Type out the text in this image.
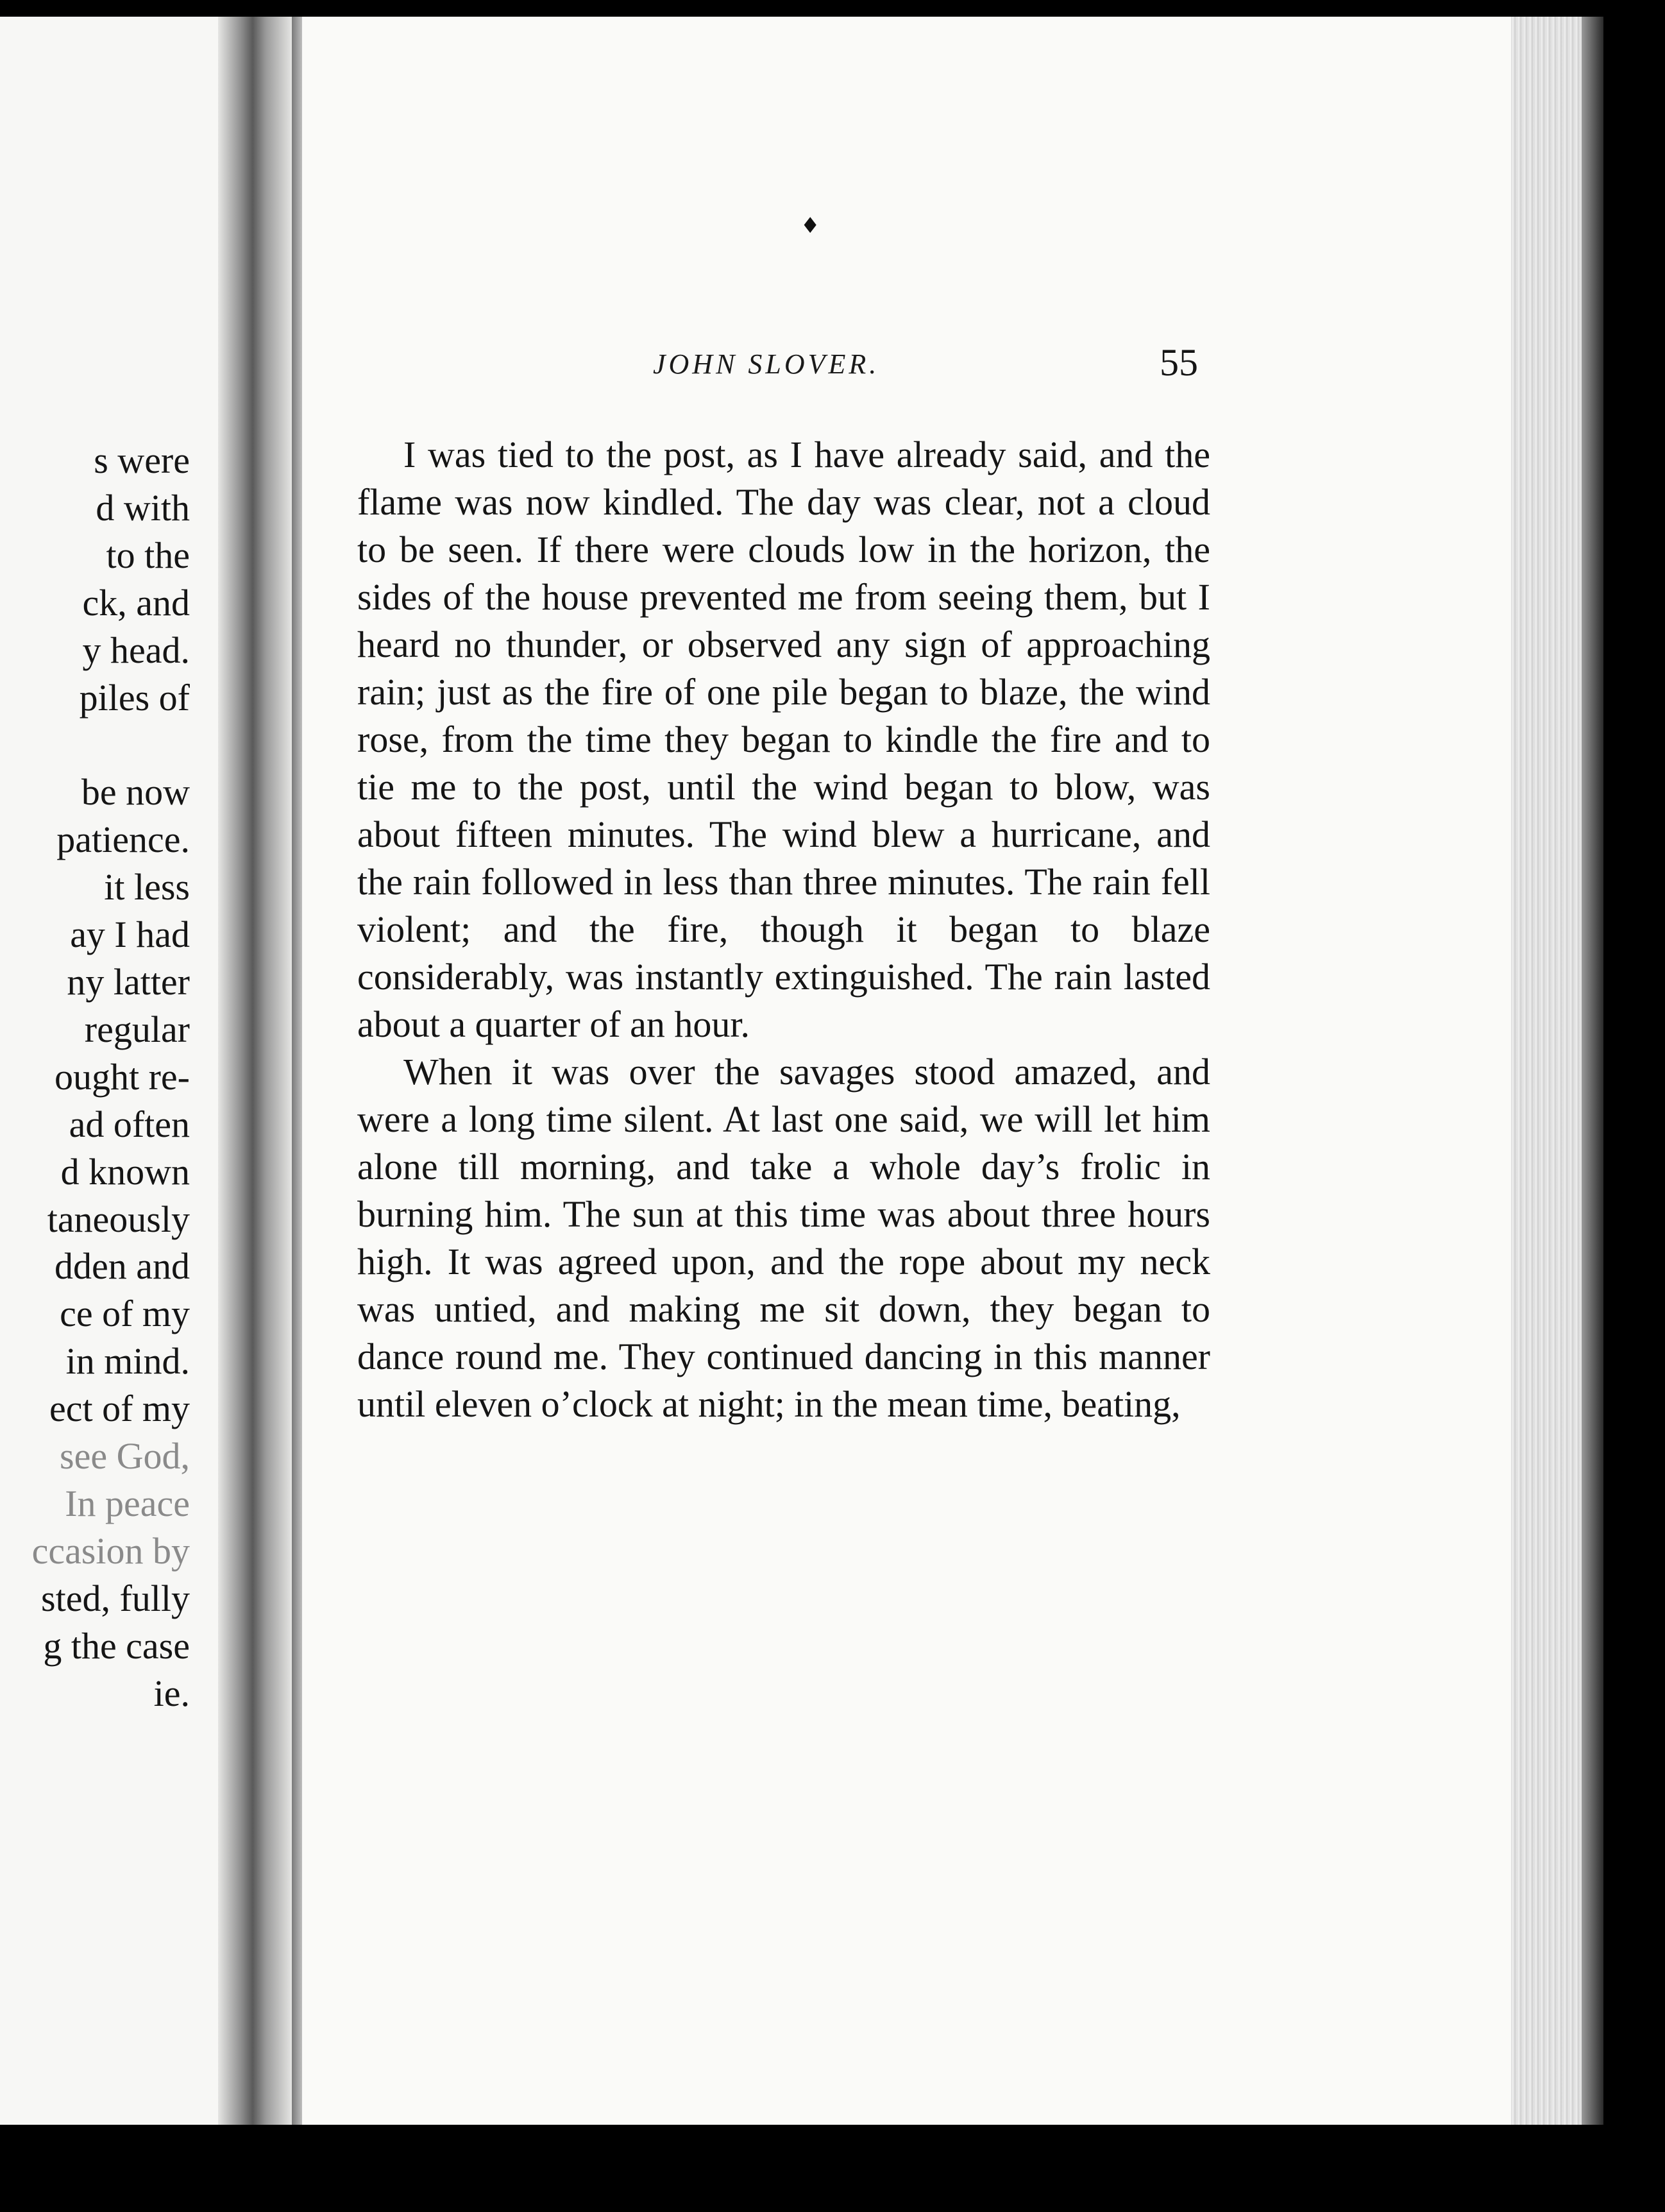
s were
d with
to the
ck, and
y head.
piles of

be now
patience.
it less
ay I had
ny latter
regular
ought re-
ad often
d known
taneously
dden and
ce of my
in mind.
ect of my
see God,
In peace
ccasion by
sted, fully
g the case
ie.
♦
JOHN SLOVER.	55

I was tied to the post, as I have already said, and the flame was now kindled. The day was clear, not a cloud to be seen. If there were clouds low in the horizon, the sides of the house prevented me from seeing them, but I heard no thunder, or observed any sign of approaching rain; just as the fire of one pile began to blaze, the wind rose, from the time they began to kindle the fire and to tie me to the post, until the wind began to blow, was about fifteen minutes. The wind blew a hurricane, and the rain followed in less than three minutes. The rain fell violent; and the fire, though it began to blaze considerably, was instantly extinguished. The rain lasted about a quarter of an hour.

When it was over the savages stood amazed, and were a long time silent. At last one said, we will let him alone till morning, and take a whole day’s frolic in burning him. The sun at this time was about three hours high. It was agreed upon, and the rope about my neck was untied, and making me sit down, they began to dance round me. They continued dancing in this manner until eleven o’clock at night; in the mean time, beating,
